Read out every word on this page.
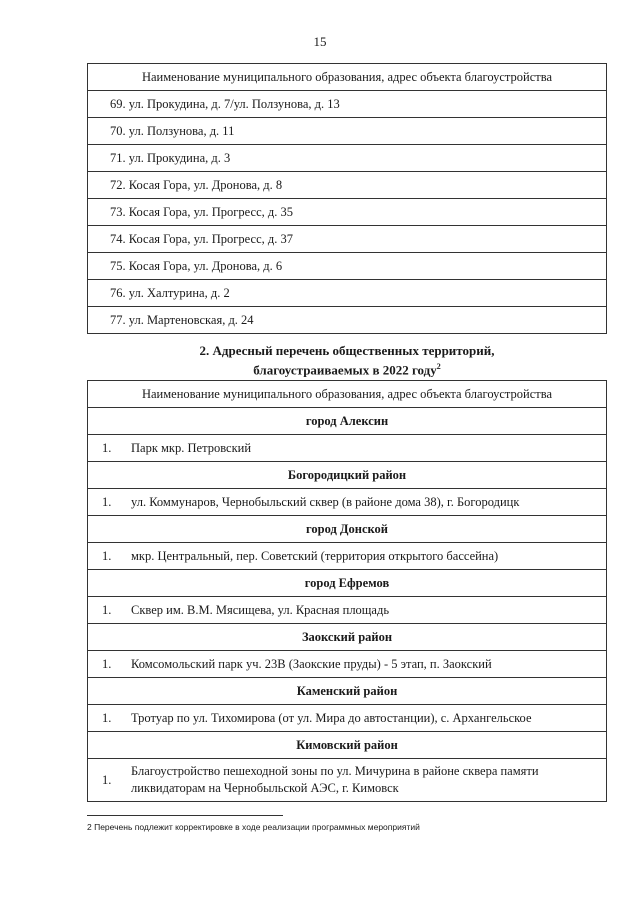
15
Наименование муниципального образования, адрес объекта благоустройства
69. ул. Прокудина, д. 7/ул. Ползунова, д. 13
70. ул. Ползунова, д. 11
71. ул. Прокудина, д. 3
72. Косая Гора, ул. Дронова, д. 8
73. Косая Гора, ул. Прогресс, д. 35
74. Косая Гора, ул. Прогресс, д. 37
75. Косая Гора, ул. Дронова, д. 6
76. ул. Халтурина, д. 2
77. ул. Мартеновская, д. 24
2. Адресный перечень общественных территорий,
благоустраиваемых в 2022 году$^2$
Наименование муниципального образования, адрес объекта благоустройства	
город Алексин	
1.	Парк мкр. Петровский
Богородицкий район	
1.	ул. Коммунаров, Чернобыльский сквер (в районе дома 38), г. Богородицк
город Донской	
1.	мкр. Центральный, пер. Советский (территория открытого бассейна)
город Ефремов	
1.	Сквер им. В.М. Мясищева, ул. Красная площадь
Заокский район	
1.	Комсомольский парк уч. 23В (Заокские пруды) - 5 этап, п. Заокский
Каменский район	
1.	Тротуар по ул. Тихомирова (от ул. Мира до автостанции), с. Архангельское
Кимовский район	
1.	Благоустройство пешеходной зоны по ул. Мичурина в районе сквера памяти ликвидаторам на Чернобыльской АЭС, г. Кимовск
2 Перечень подлежит корректировке в ходе реализации программных мероприятий
